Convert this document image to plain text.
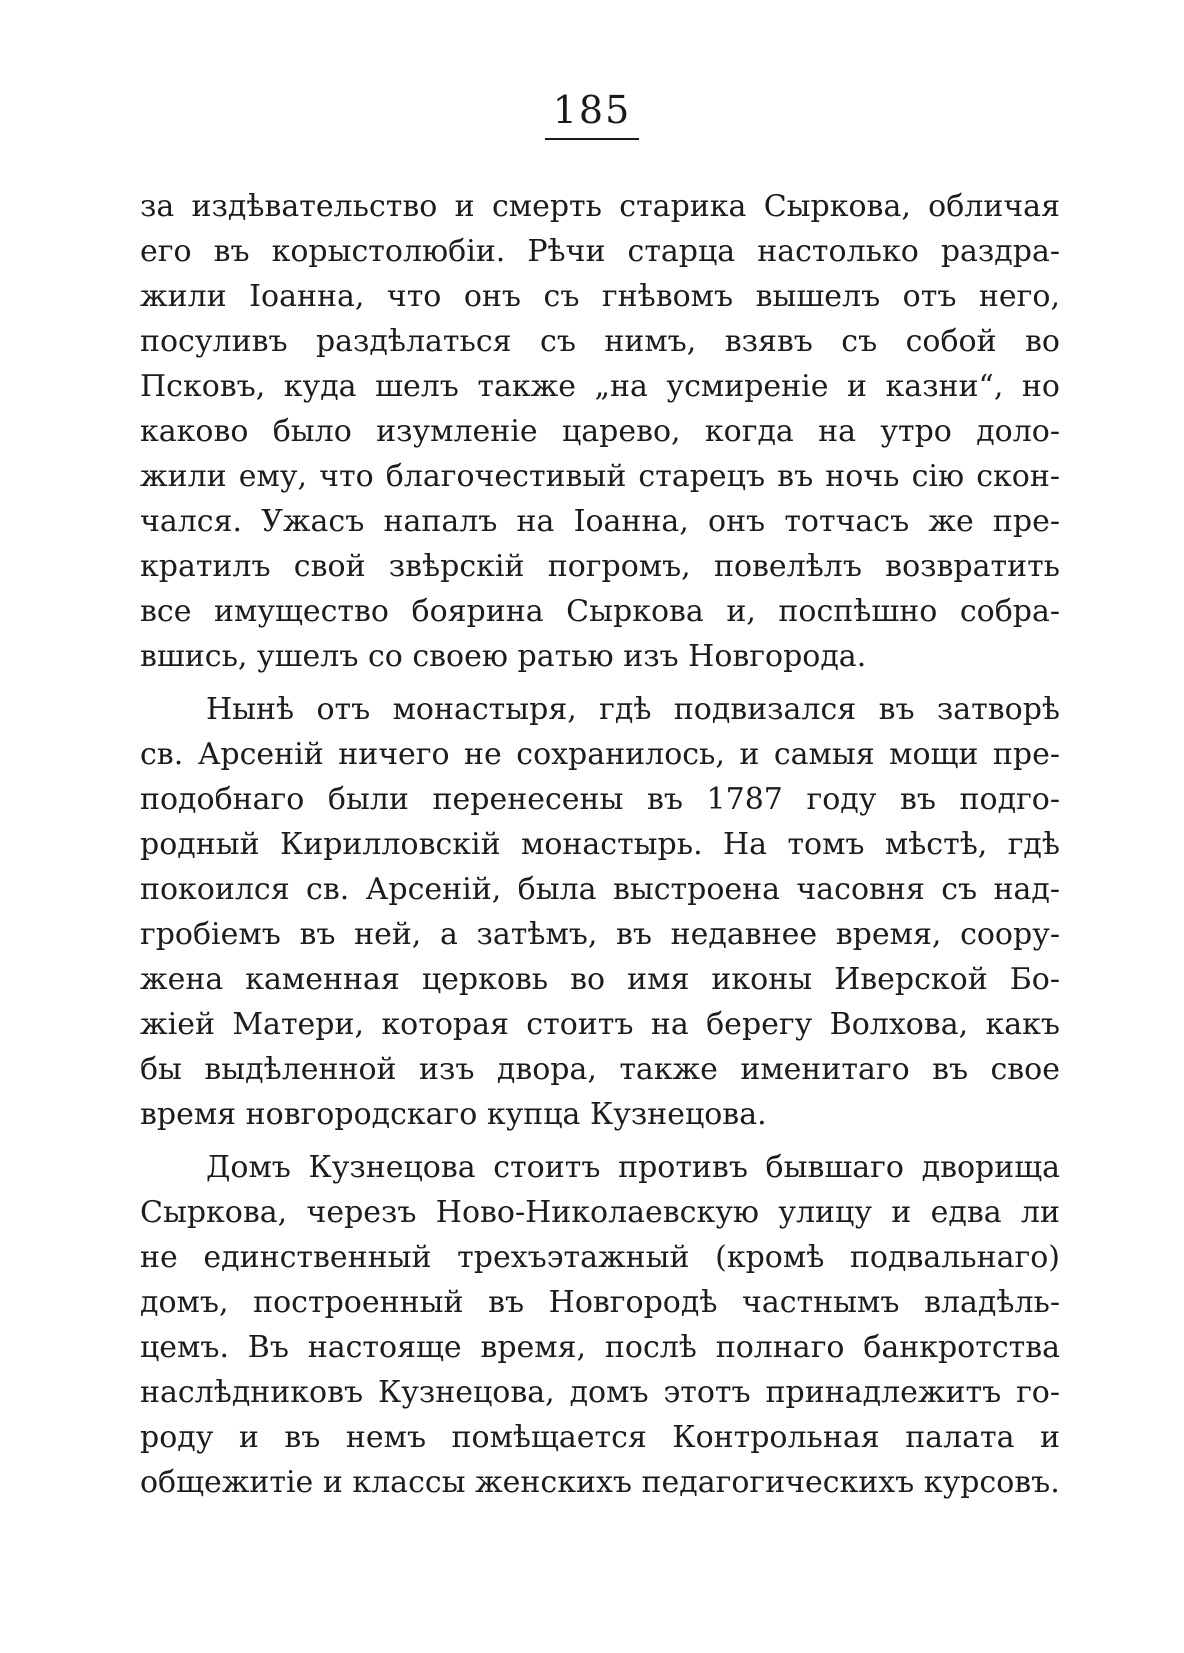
185
за издѣвательство и смерть старика Сыркова, обличая
его въ корыстолюбіи. Рѣчи старца настолько раздра-
жили Іоанна, что онъ съ гнѣвомъ вышелъ отъ него,
посуливъ раздѣлаться съ нимъ, взявъ съ собой во
Псковъ, куда шелъ также „на усмиреніе и казни“, но
каково было изумленіе царево, когда на утро доло-
жили ему, что благочестивый старецъ въ ночь сію скон-
чался. Ужасъ напалъ на Іоанна, онъ тотчасъ же пре-
кратилъ свой звѣрскій погромъ, повелѣлъ возвратить
все имущество боярина Сыркова и, поспѣшно собра-
вшись, ушелъ со своею ратью изъ Новгорода.
Нынѣ отъ монастыря, гдѣ подвизался въ затворѣ
св. Арсеній ничего не сохранилось, и самыя мощи пре-
подобнаго были перенесены въ 1787 году въ подго-
родный Кирилловскій монастырь. На томъ мѣстѣ, гдѣ
покоился св. Арсеній, была выстроена часовня съ над-
гробіемъ въ ней, а затѣмъ, въ недавнее время, соору-
жена каменная церковь во имя иконы Иверской Бо-
жіей Матери, которая стоитъ на берегу Волхова, какъ
бы выдѣленной изъ двора, также именитаго въ свое
время новгородскаго купца Кузнецова.
Домъ Кузнецова стоитъ противъ бывшаго дворища
Сыркова, черезъ Ново-Николаевскую улицу и едва ли
не единственный трехъэтажный (кромѣ подвальнаго)
домъ, построенный въ Новгородѣ частнымъ владѣль-
цемъ. Въ настояще время, послѣ полнаго банкротства
наслѣдниковъ Кузнецова, домъ этотъ принадлежитъ го-
роду и въ немъ помѣщается Контрольная палата и
общежитіе и классы женскихъ педагогическихъ курсовъ.
